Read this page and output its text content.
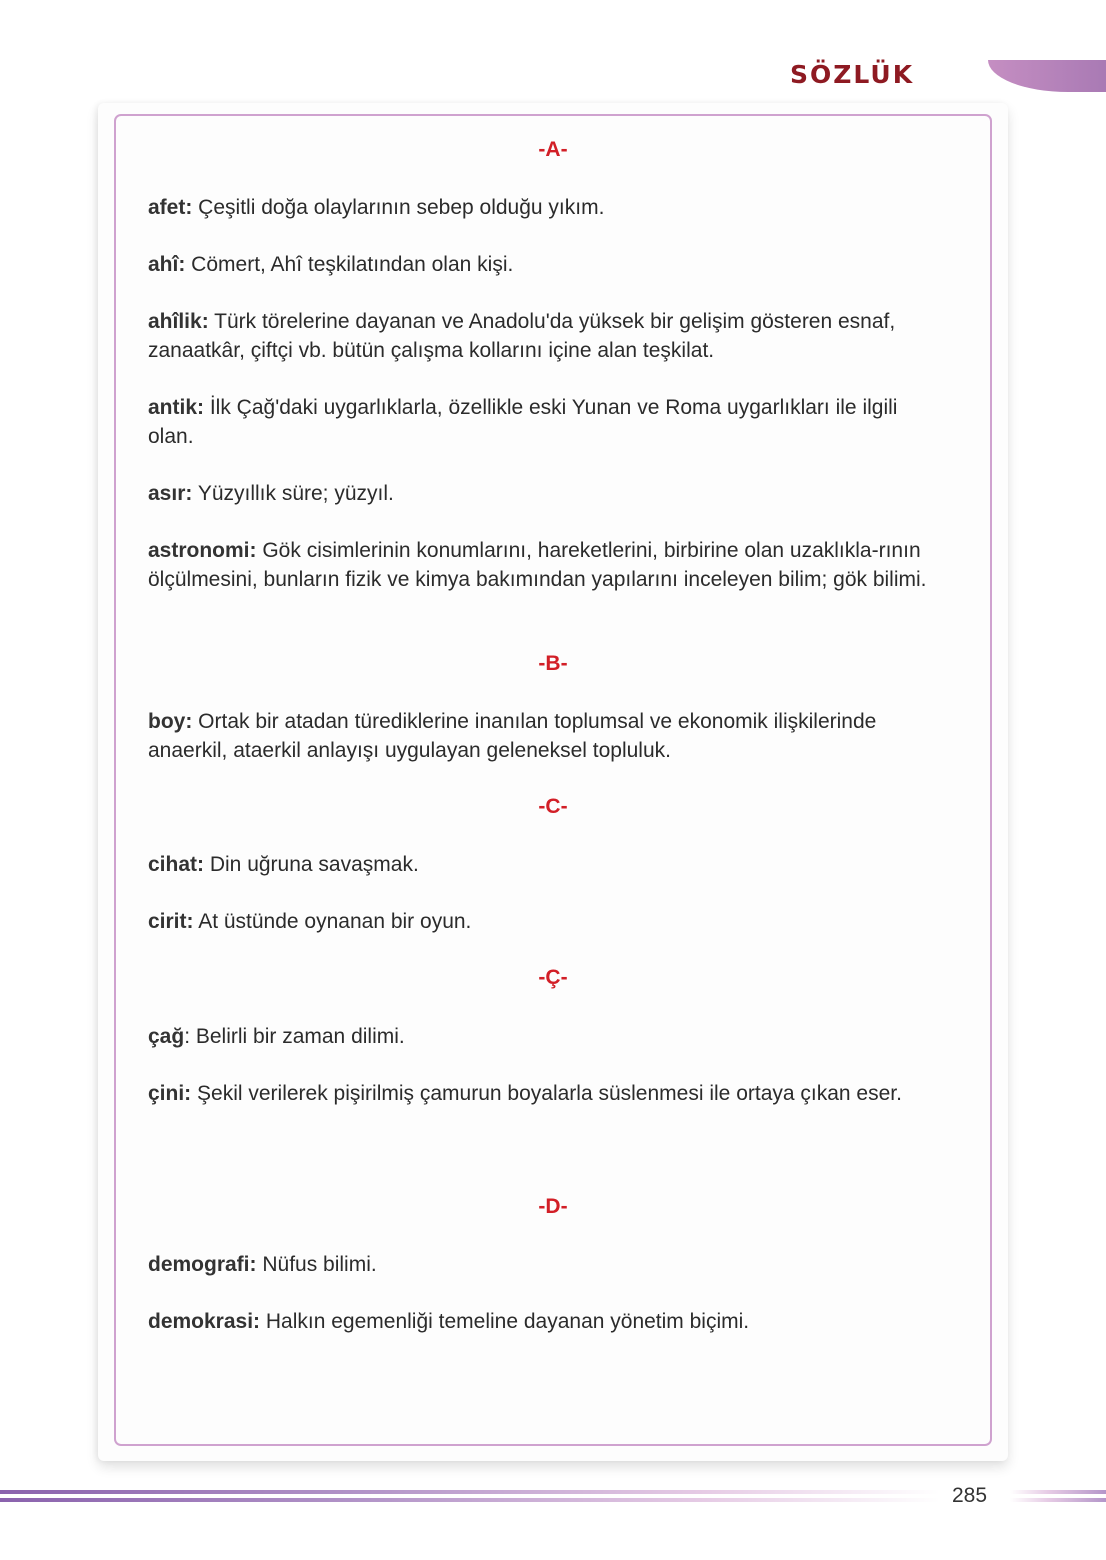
SÖZLÜK
-A-
afet: Çeşitli doğa olaylarının sebep olduğu yıkım.
ahî: Cömert, Ahî teşkilatından olan kişi.
ahîlik: Türk törelerine dayanan ve Anadolu'da yüksek bir gelişim gösteren esnaf, zanaatkâr, çiftçi vb. bütün çalışma kollarını içine alan teşkilat.
antik: İlk Çağ'daki uygarlıklarla, özellikle eski Yunan ve Roma uygarlıkları ile ilgili olan.
asır: Yüzyıllık süre; yüzyıl.
astronomi: Gök cisimlerinin konumlarını, hareketlerini, birbirine olan uzaklıkla-rının ölçülmesini, bunların fizik ve kimya bakımından yapılarını inceleyen bilim; gök bilimi.
-B-
boy: Ortak bir atadan türediklerine inanılan toplumsal ve ekonomik ilişkilerinde anaerkil, ataerkil anlayışı uygulayan geleneksel topluluk.
-C-
cihat: Din uğruna savaşmak.
cirit: At üstünde oynanan bir oyun.
-Ç-
çağ: Belirli bir zaman dilimi.
çini: Şekil verilerek pişirilmiş çamurun boyalarla süslenmesi ile ortaya çıkan eser.
-D-
demografi: Nüfus bilimi.
demokrasi: Halkın egemenliği temeline dayanan yönetim biçimi.
285
